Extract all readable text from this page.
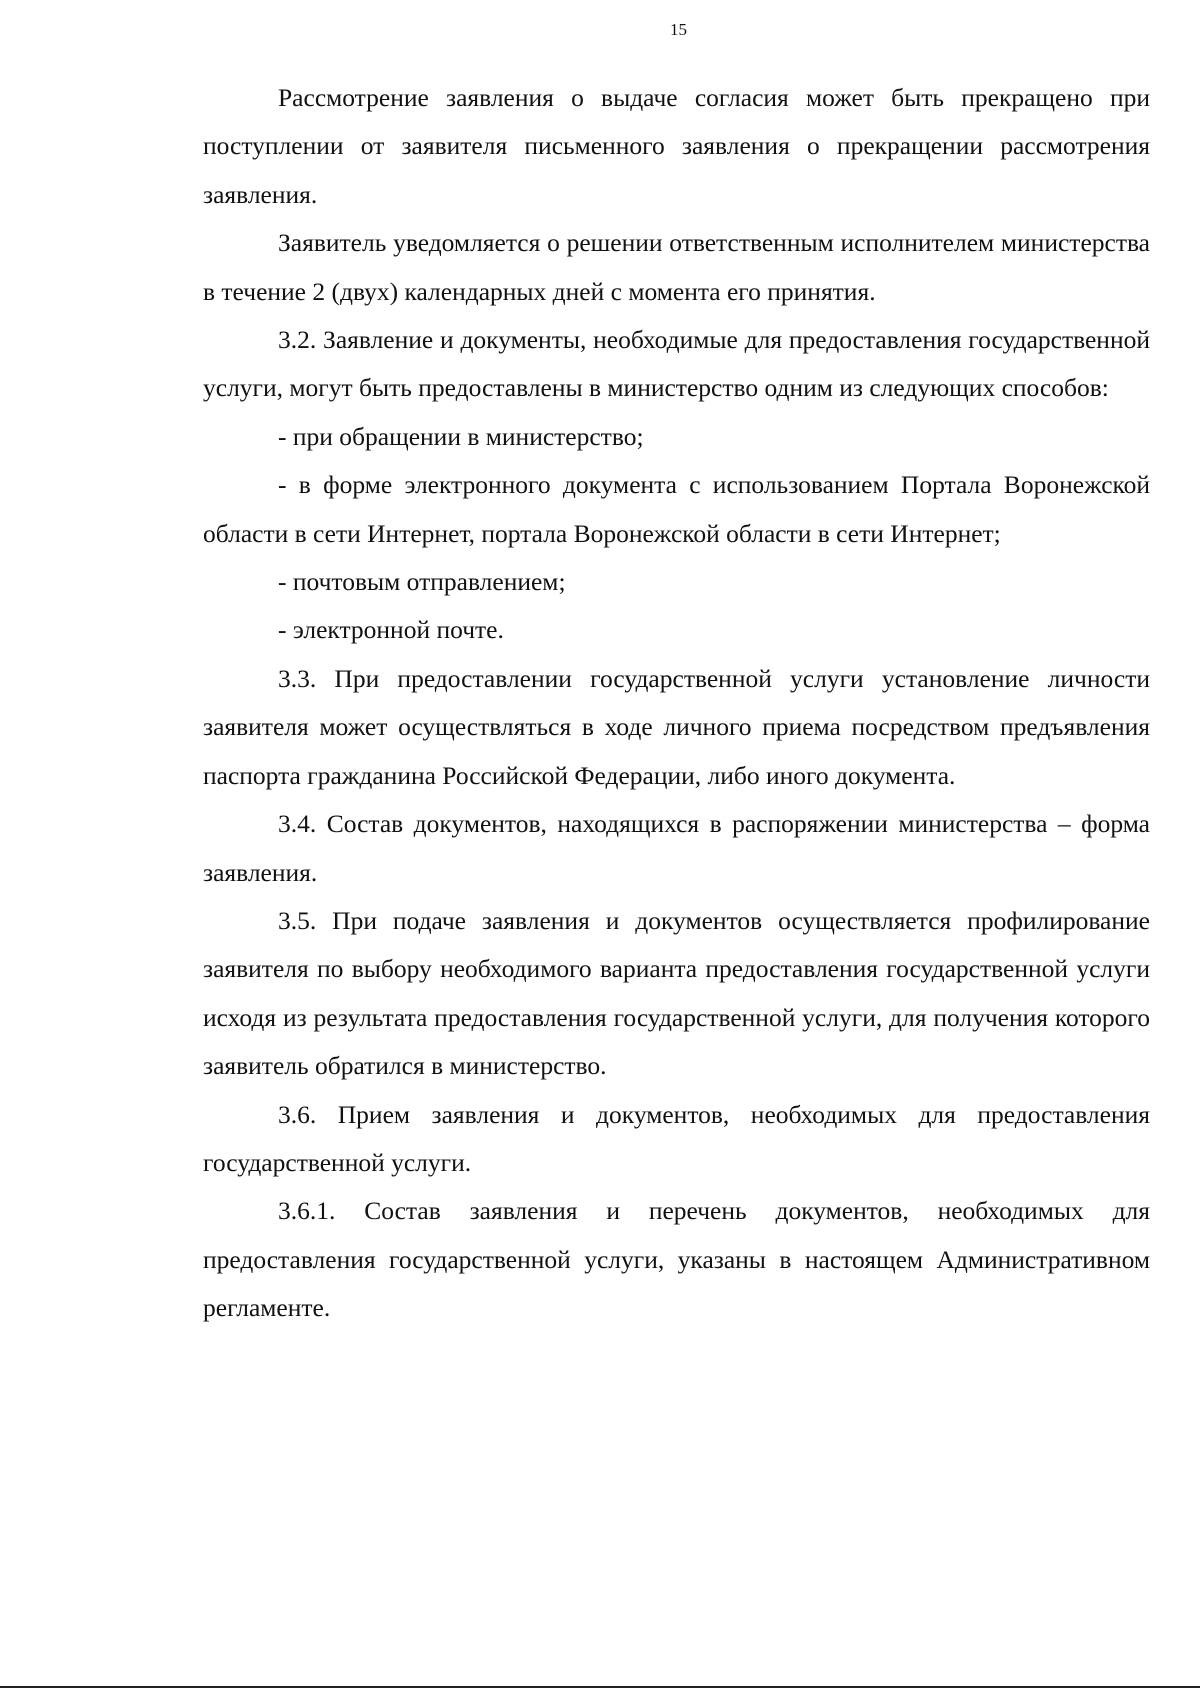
15

Рассмотрение заявления о выдаче согласия может быть прекращено при поступлении от заявителя письменного заявления о прекращении рассмотрения заявления.

Заявитель уведомляется о решении ответственным исполнителем министерства в течение 2 (двух) календарных дней с момента его принятия.

3.2. Заявление и документы, необходимые для предоставления государственной услуги, могут быть предоставлены в министерство одним из следующих способов:

- при обращении в министерство;

- в форме электронного документа с использованием Портала Воронежской области в сети Интернет, портала Воронежской области в сети Интернет;

- почтовым отправлением;

- электронной почте.

3.3. При предоставлении государственной услуги установление личности заявителя может осуществляться в ходе личного приема посредством предъявления паспорта гражданина Российской Федерации, либо иного документа.

3.4. Состав документов, находящихся в распоряжении министерства – форма заявления.

3.5. При подаче заявления и документов осуществляется профилирование заявителя по выбору необходимого варианта предоставления государственной услуги исходя из результата предоставления государственной услуги, для получения которого заявитель обратился в министерство.

3.6. Прием заявления и документов, необходимых для предоставления государственной услуги.

3.6.1. Состав заявления и перечень документов, необходимых для предоставления государственной услуги, указаны в настоящем Административном регламенте.
